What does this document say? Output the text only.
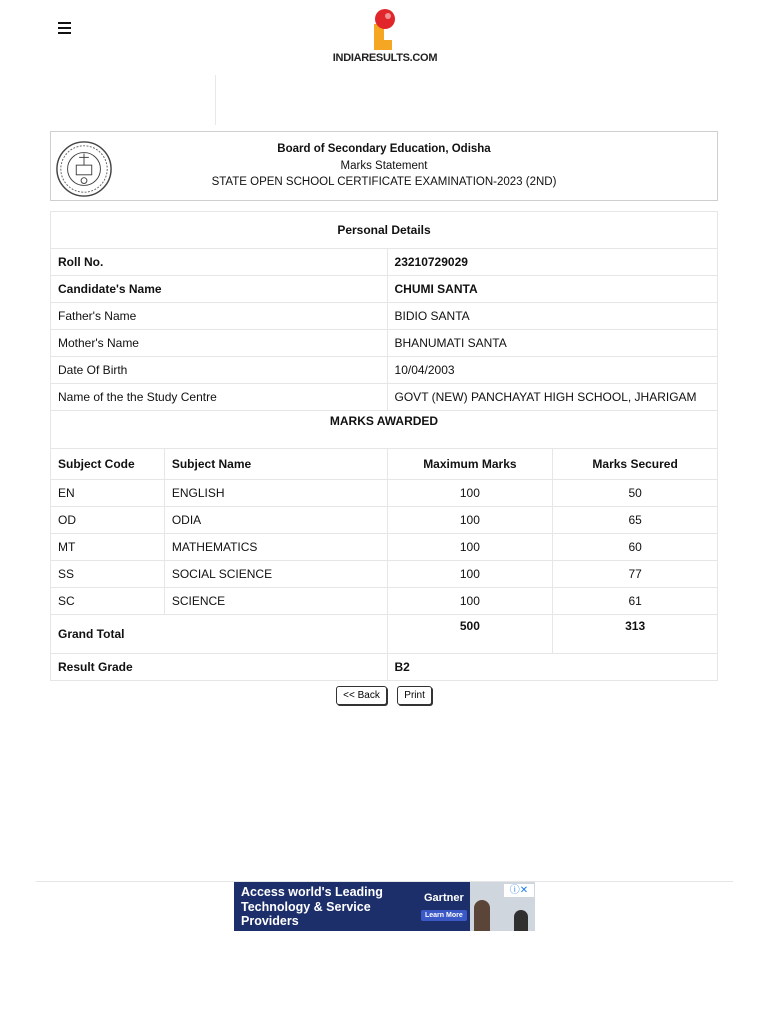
INDIARESULTS.COM
Board of Secondary Education, Odisha
Marks Statement
STATE OPEN SCHOOL CERTIFICATE EXAMINATION-2023 (2ND)
Personal Details			
Roll No.		23210729029	
Candidate's Name		CHUMI SANTA	
Father's Name		BIDIO SANTA	
Mother's Name		BHANUMATI SANTA	
Date Of Birth		10/04/2003	
Name of the the Study Centre		GOVT (NEW) PANCHAYAT HIGH SCHOOL, JHARIGAM	
MARKS AWARDED			
Subject Code	Subject Name	Maximum Marks	Marks Secured
EN	ENGLISH	100	50
OD	ODIA	100	65
MT	MATHEMATICS	100	60
SS	SOCIAL SCIENCE	100	77
SC	SCIENCE	100	61
Grand Total		500	313
Result Grade		B2	
<< Back Print
Access world's Leading
Technology & Service
Providers
Gartner
Learn More
ⓘ✕
